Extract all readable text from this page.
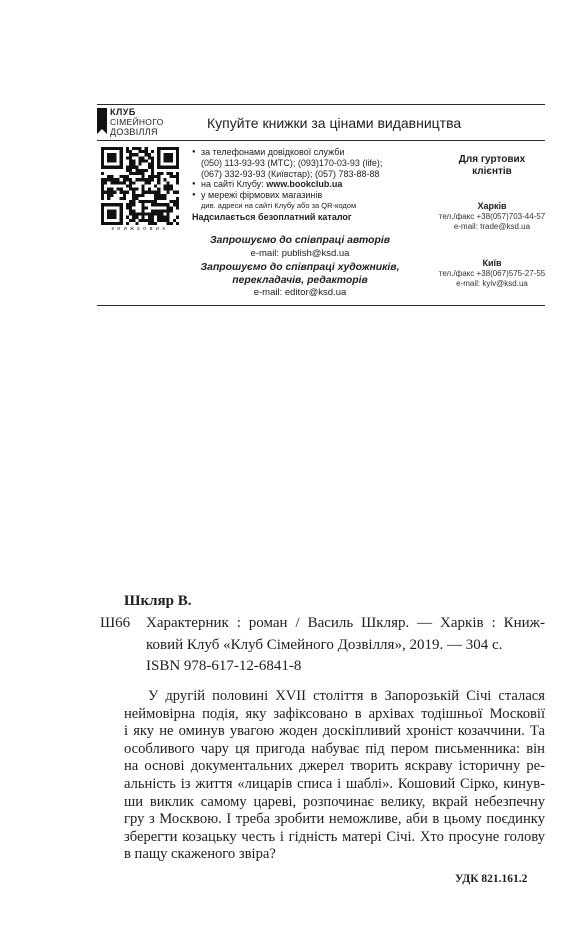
КЛУБ
СІМЕЙНОГО
ДОЗВІЛЛЯ
Купуйте книжки за цінами видавництва
книжкових
● за телефонами довідкової служби
(050) 113-93-93 (МТС); (093)170-03-93 (life);
(067) 332-93-93 (Київстар); (057) 783-88-88
● на сайті Клубу: www.bookclub.ua
● у мережі фірмових магазинів
див. адреси на сайті Клубу або за QR-кодом
Надсилається безоплатний каталог
Запрошуємо до співпраці авторів
e-mail: publish@ksd.ua
Запрошуємо до співпраці художників,
перекладачів, редакторів
e-mail: editor@ksd.ua
Для гуртових
клієнтів
Харків
тел./факс +38(057)703-44-57
e-mail: trade@ksd.ua
Київ
тел./факс +38(067)575-27-55
e-mail: kyiv@ksd.ua
Шкляр В.
Ш66	Характерник : роман / Василь Шкляр. — Харків : Книж-
ковий Клуб «Клуб Сімейного Дозвілля», 2019. — 304 с.
ISBN 978-617-12-6841-8
У другій половині XVII століття в Запорозькій Січі сталася
неймовірна подія, яку зафіксовано в архівах тодішньої Московії
і яку не оминув увагою жоден доскіпливий хроніст козаччини. Та
особливого чару ця пригода набуває під пером письменника: він
на основі документальних джерел творить яскраву історичну ре-
альність із життя «лицарів списа і шаблі». Кошовий Сірко, кинув-
ши виклик самому цареві, розпочинає велику, вкрай небезпечну
гру з Москвою. І треба зробити неможливе, аби в цьому поєдинку
зберегти козацьку честь і гідність матері Січі. Хто просуне голову
в пащу скаженого звіра?
УДК 821.161.2
